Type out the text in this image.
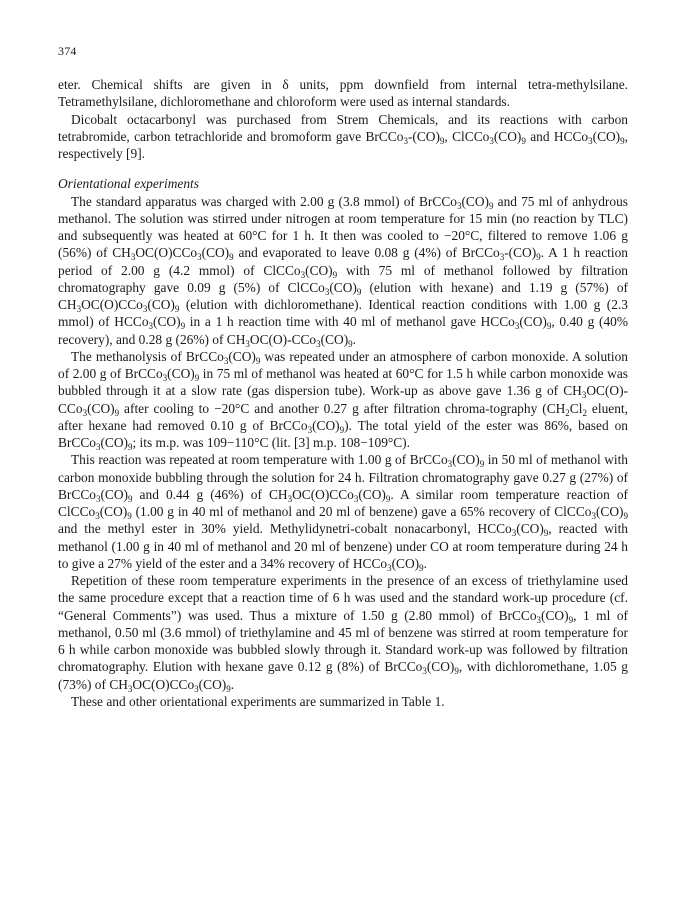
374

eter. Chemical shifts are given in δ units, ppm downfield from internal tetra-methylsilane. Tetramethylsilane, dichloromethane and chloroform were used as internal standards.

Dicobalt octacarbonyl was purchased from Strem Chemicals, and its reactions with carbon tetrabromide, carbon tetrachloride and bromoform gave $BrCCo_3-(CO)_9$, $ClCCo_3(CO)_9$ and $HCCo_3(CO)_9$, respectively [9].

Orientational experiments

The standard apparatus was charged with 2.00 g (3.8 mmol) of $BrCCo_3(CO)_9$ and 75 ml of anhydrous methanol. The solution was stirred under nitrogen at room temperature for 15 min (no reaction by TLC) and subsequently was heated at 60°C for 1 h. It then was cooled to −20°C, filtered to remove 1.06 g (56%) of $CH_3OC(O)CCo_3(CO)_9$ and evaporated to leave 0.08 g (4%) of $BrCCo_3-(CO)_9$. A 1 h reaction period of 2.00 g (4.2 mmol) of $ClCCo_3(CO)_9$ with 75 ml of methanol followed by filtration chromatography gave 0.09 g (5%) of $ClCCo_3(CO)_9$ (elution with hexane) and 1.19 g (57%) of $CH_3OC(O)CCo_3(CO)_9$ (elution with dichloromethane). Identical reaction conditions with 1.00 g (2.3 mmol) of $HCCo_3(CO)_9$ in a 1 h reaction time with 40 ml of methanol gave $HCCo_3(CO)_9$, 0.40 g (40% recovery), and 0.28 g (26%) of $CH_3OC(O)-CCo_3(CO)_9$.

The methanolysis of $BrCCo_3(CO)_9$ was repeated under an atmosphere of carbon monoxide. A solution of 2.00 g of $BrCCo_3(CO)_9$ in 75 ml of methanol was heated at 60°C for 1.5 h while carbon monoxide was bubbled through it at a slow rate (gas dispersion tube). Work-up as above gave 1.36 g of $CH_3OC(O)-CCo_3(CO)_9$ after cooling to −20°C and another 0.27 g after filtration chroma-tography ($CH_2Cl_2$ eluent, after hexane had removed 0.10 g of $BrCCo_3(CO)_9$). The total yield of the ester was 86%, based on $BrCCo_3(CO)_9$; its m.p. was 109−110°C (lit. [3] m.p. 108−109°C).

This reaction was repeated at room temperature with 1.00 g of $BrCCo_3(CO)_9$ in 50 ml of methanol with carbon monoxide bubbling through the solution for 24 h. Filtration chromatography gave 0.27 g (27%) of $BrCCo_3(CO)_9$ and 0.44 g (46%) of $CH_3OC(O)CCo_3(CO)_9$. A similar room temperature reaction of $ClCCo_3(CO)_9$ (1.00 g in 40 ml of methanol and 20 ml of benzene) gave a 65% recovery of $ClCCo_3(CO)_9$ and the methyl ester in 30% yield. Methylidynetri-cobalt nonacarbonyl, $HCCo_3(CO)_9$, reacted with methanol (1.00 g in 40 ml of methanol and 20 ml of benzene) under CO at room temperature during 24 h to give a 27% yield of the ester and a 34% recovery of $HCCo_3(CO)_9$.

Repetition of these room temperature experiments in the presence of an excess of triethylamine used the same procedure except that a reaction time of 6 h was used and the standard work-up procedure (cf. “General Comments”) was used. Thus a mixture of 1.50 g (2.80 mmol) of $BrCCo_3(CO)_9$, 1 ml of methanol, 0.50 ml (3.6 mmol) of triethylamine and 45 ml of benzene was stirred at room temperature for 6 h while carbon monoxide was bubbled slowly through it. Standard work-up was followed by filtration chromatography. Elution with hexane gave 0.12 g (8%) of $BrCCo_3(CO)_9$, with dichloromethane, 1.05 g (73%) of $CH_3OC(O)CCo_3(CO)_9$.

These and other orientational experiments are summarized in Table 1.
